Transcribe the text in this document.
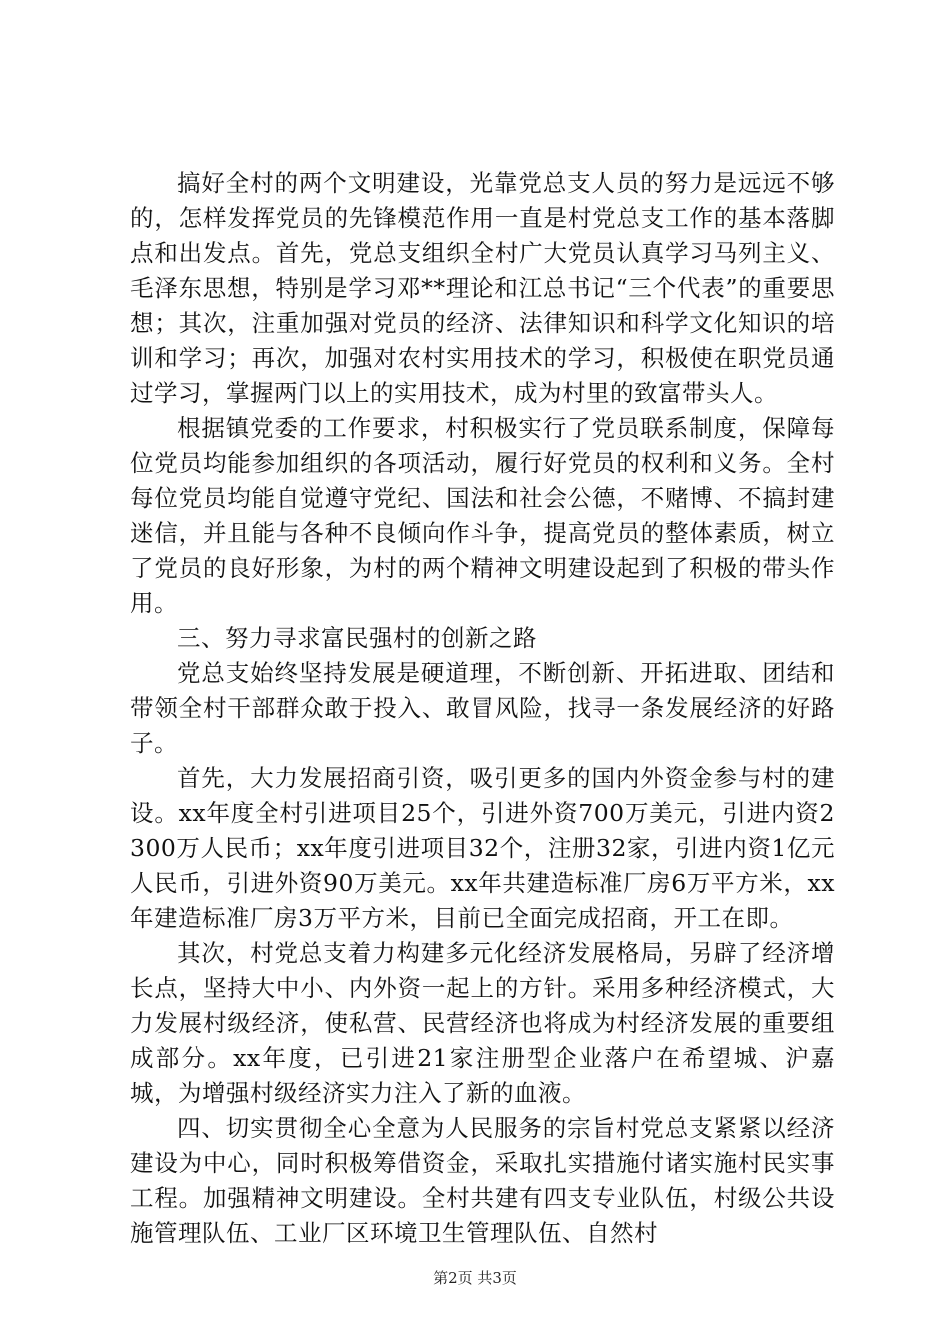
搞好全村的两个文明建设，光靠党总支人员的努力是远远不够的，怎样发挥党员的先锋模范作用一直是村党总支工作的基本落脚点和出发点。首先，党总支组织全村广大党员认真学习马列主义、毛泽东思想，特别是学习邓**理论和江总书记“三个代表”的重要思想；其次，注重加强对党员的经济、法律知识和科学文化知识的培训和学习；再次，加强对农村实用技术的学习，积极使在职党员通过学习，掌握两门以上的实用技术，成为村里的致富带头人。

根据镇党委的工作要求，村积极实行了党员联系制度，保障每位党员均能参加组织的各项活动，履行好党员的权利和义务。全村每位党员均能自觉遵守党纪、国法和社会公德，不赌博、不搞封建迷信，并且能与各种不良倾向作斗争，提高党员的整体素质，树立了党员的良好形象，为村的两个精神文明建设起到了积极的带头作用。

三、努力寻求富民强村的创新之路

党总支始终坚持发展是硬道理，不断创新、开拓进取、团结和带领全村干部群众敢于投入、敢冒风险，找寻一条发展经济的好路子。

首先，大力发展招商引资，吸引更多的国内外资金参与村的建设。xx年度全村引进项目25个，引进外资700万美元，引进内资2300万人民币；xx年度引进项目32个，注册32家，引进内资1亿元人民币，引进外资90万美元。xx年共建造标准厂房6万平方米，xx年建造标准厂房3万平方米，目前已全面完成招商，开工在即。

其次，村党总支着力构建多元化经济发展格局，另辟了经济增长点，坚持大中小、内外资一起上的方针。采用多种经济模式，大力发展村级经济，使私营、民营经济也将成为村经济发展的重要组成部分。xx年度，已引进21家注册型企业落户在希望城、沪嘉城，为增强村级经济实力注入了新的血液。

四、切实贯彻全心全意为人民服务的宗旨村党总支紧紧以经济建设为中心，同时积极筹借资金，采取扎实措施付诸实施村民实事工程。加强精神文明建设。全村共建有四支专业队伍，村级公共设施管理队伍、工业厂区环境卫生管理队伍、自然村

第2页 共3页
